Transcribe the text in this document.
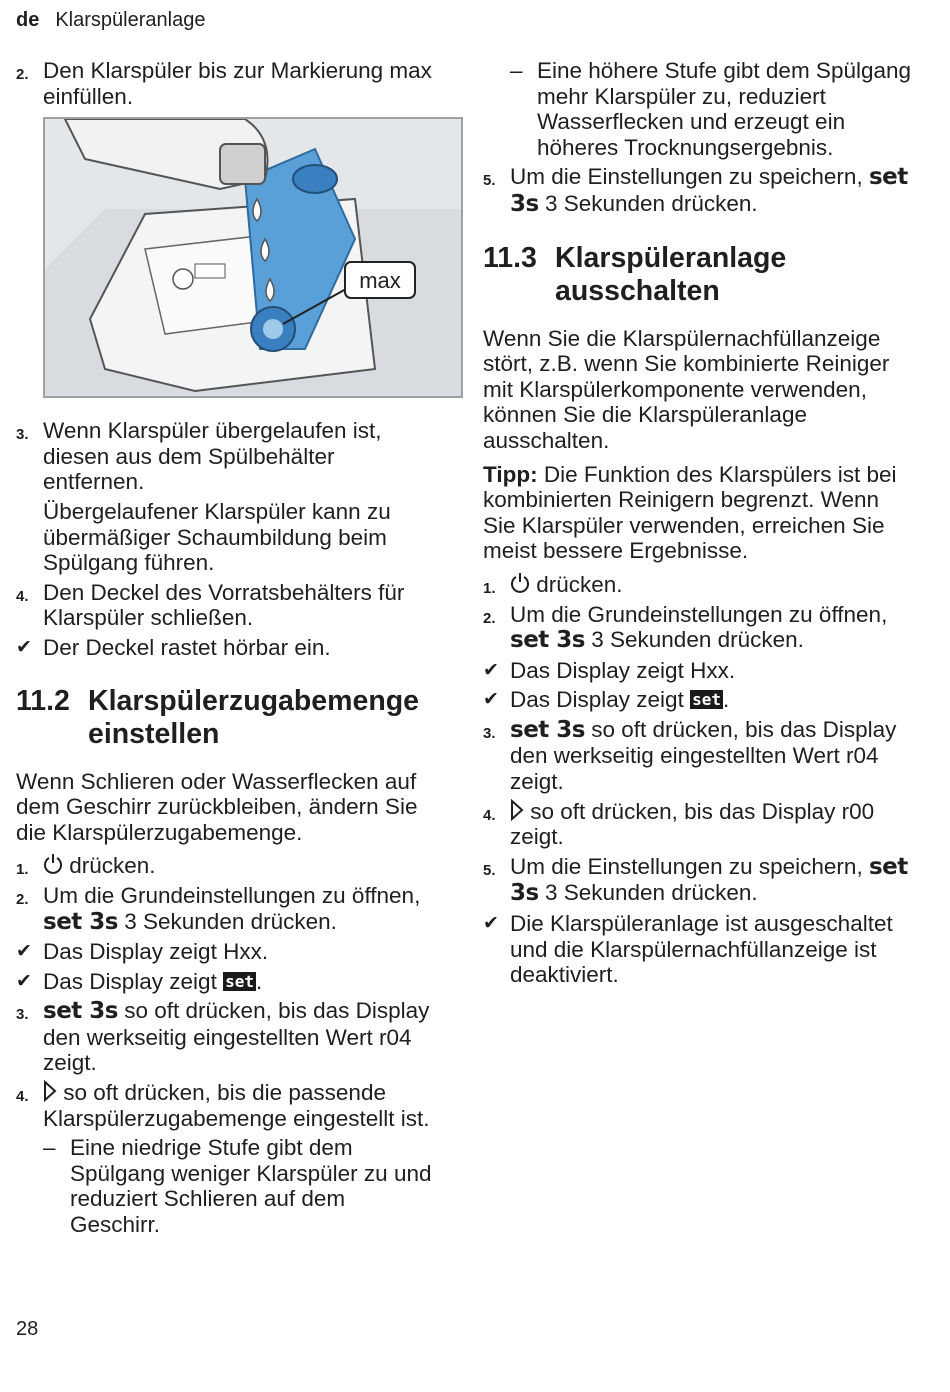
de Klarspüleranlage
2. Den Klarspüler bis zur Markierung max einfüllen.
max
3. Wenn Klarspüler übergelaufen ist, diesen aus dem Spülbehälter entfernen.
Übergelaufener Klarspüler kann zu übermäßiger Schaumbildung beim Spülgang führen.
4. Den Deckel des Vorratsbehälters für Klarspüler schließen.
✔ Der Deckel rastet hörbar ein.
11.2 Klarspülerzugabemenge einstellen

Wenn Schlieren oder Wasserflecken auf dem Geschirr zurückbleiben, ändern Sie die Klarspülerzugabemenge.

1. drücken.
2. Um die Grundeinstellungen zu öffnen, set 3s 3 Sekunden drücken.
✔ Das Display zeigt Hxx.
✔ Das Display zeigt set.
3. set 3s so oft drücken, bis das Display den werkseitig eingestellten Wert r04 zeigt.
4. so oft drücken, bis die passende Klarspülerzugabemenge eingestellt ist.
– Eine niedrige Stufe gibt dem Spülgang weniger Klarspüler zu und reduziert Schlieren auf dem Geschirr.
– Eine höhere Stufe gibt dem Spülgang mehr Klarspüler zu, reduziert Wasserflecken und erzeugt ein höheres Trocknungsergebnis.
5. Um die Einstellungen zu speichern, set 3s 3 Sekunden drücken.
11.3 Klarspüleranlage ausschalten

Wenn Sie die Klarspülernachfüllanzeige stört, z.B. wenn Sie kombinierte Reiniger mit Klarspülerkomponente verwenden, können Sie die Klarspüleranlage ausschalten.

Tipp: Die Funktion des Klarspülers ist bei kombinierten Reinigern begrenzt. Wenn Sie Klarspüler verwenden, erreichen Sie meist bessere Ergebnisse.

1. drücken.
2. Um die Grundeinstellungen zu öffnen, set 3s 3 Sekunden drücken.
✔ Das Display zeigt Hxx.
✔ Das Display zeigt set.
3. set 3s so oft drücken, bis das Display den werkseitig eingestellten Wert r04 zeigt.
4. so oft drücken, bis das Display r00 zeigt.
5. Um die Einstellungen zu speichern, set 3s 3 Sekunden drücken.
✔ Die Klarspüleranlage ist ausgeschaltet und die Klarspülernachfüllanzeige ist deaktiviert.
28
